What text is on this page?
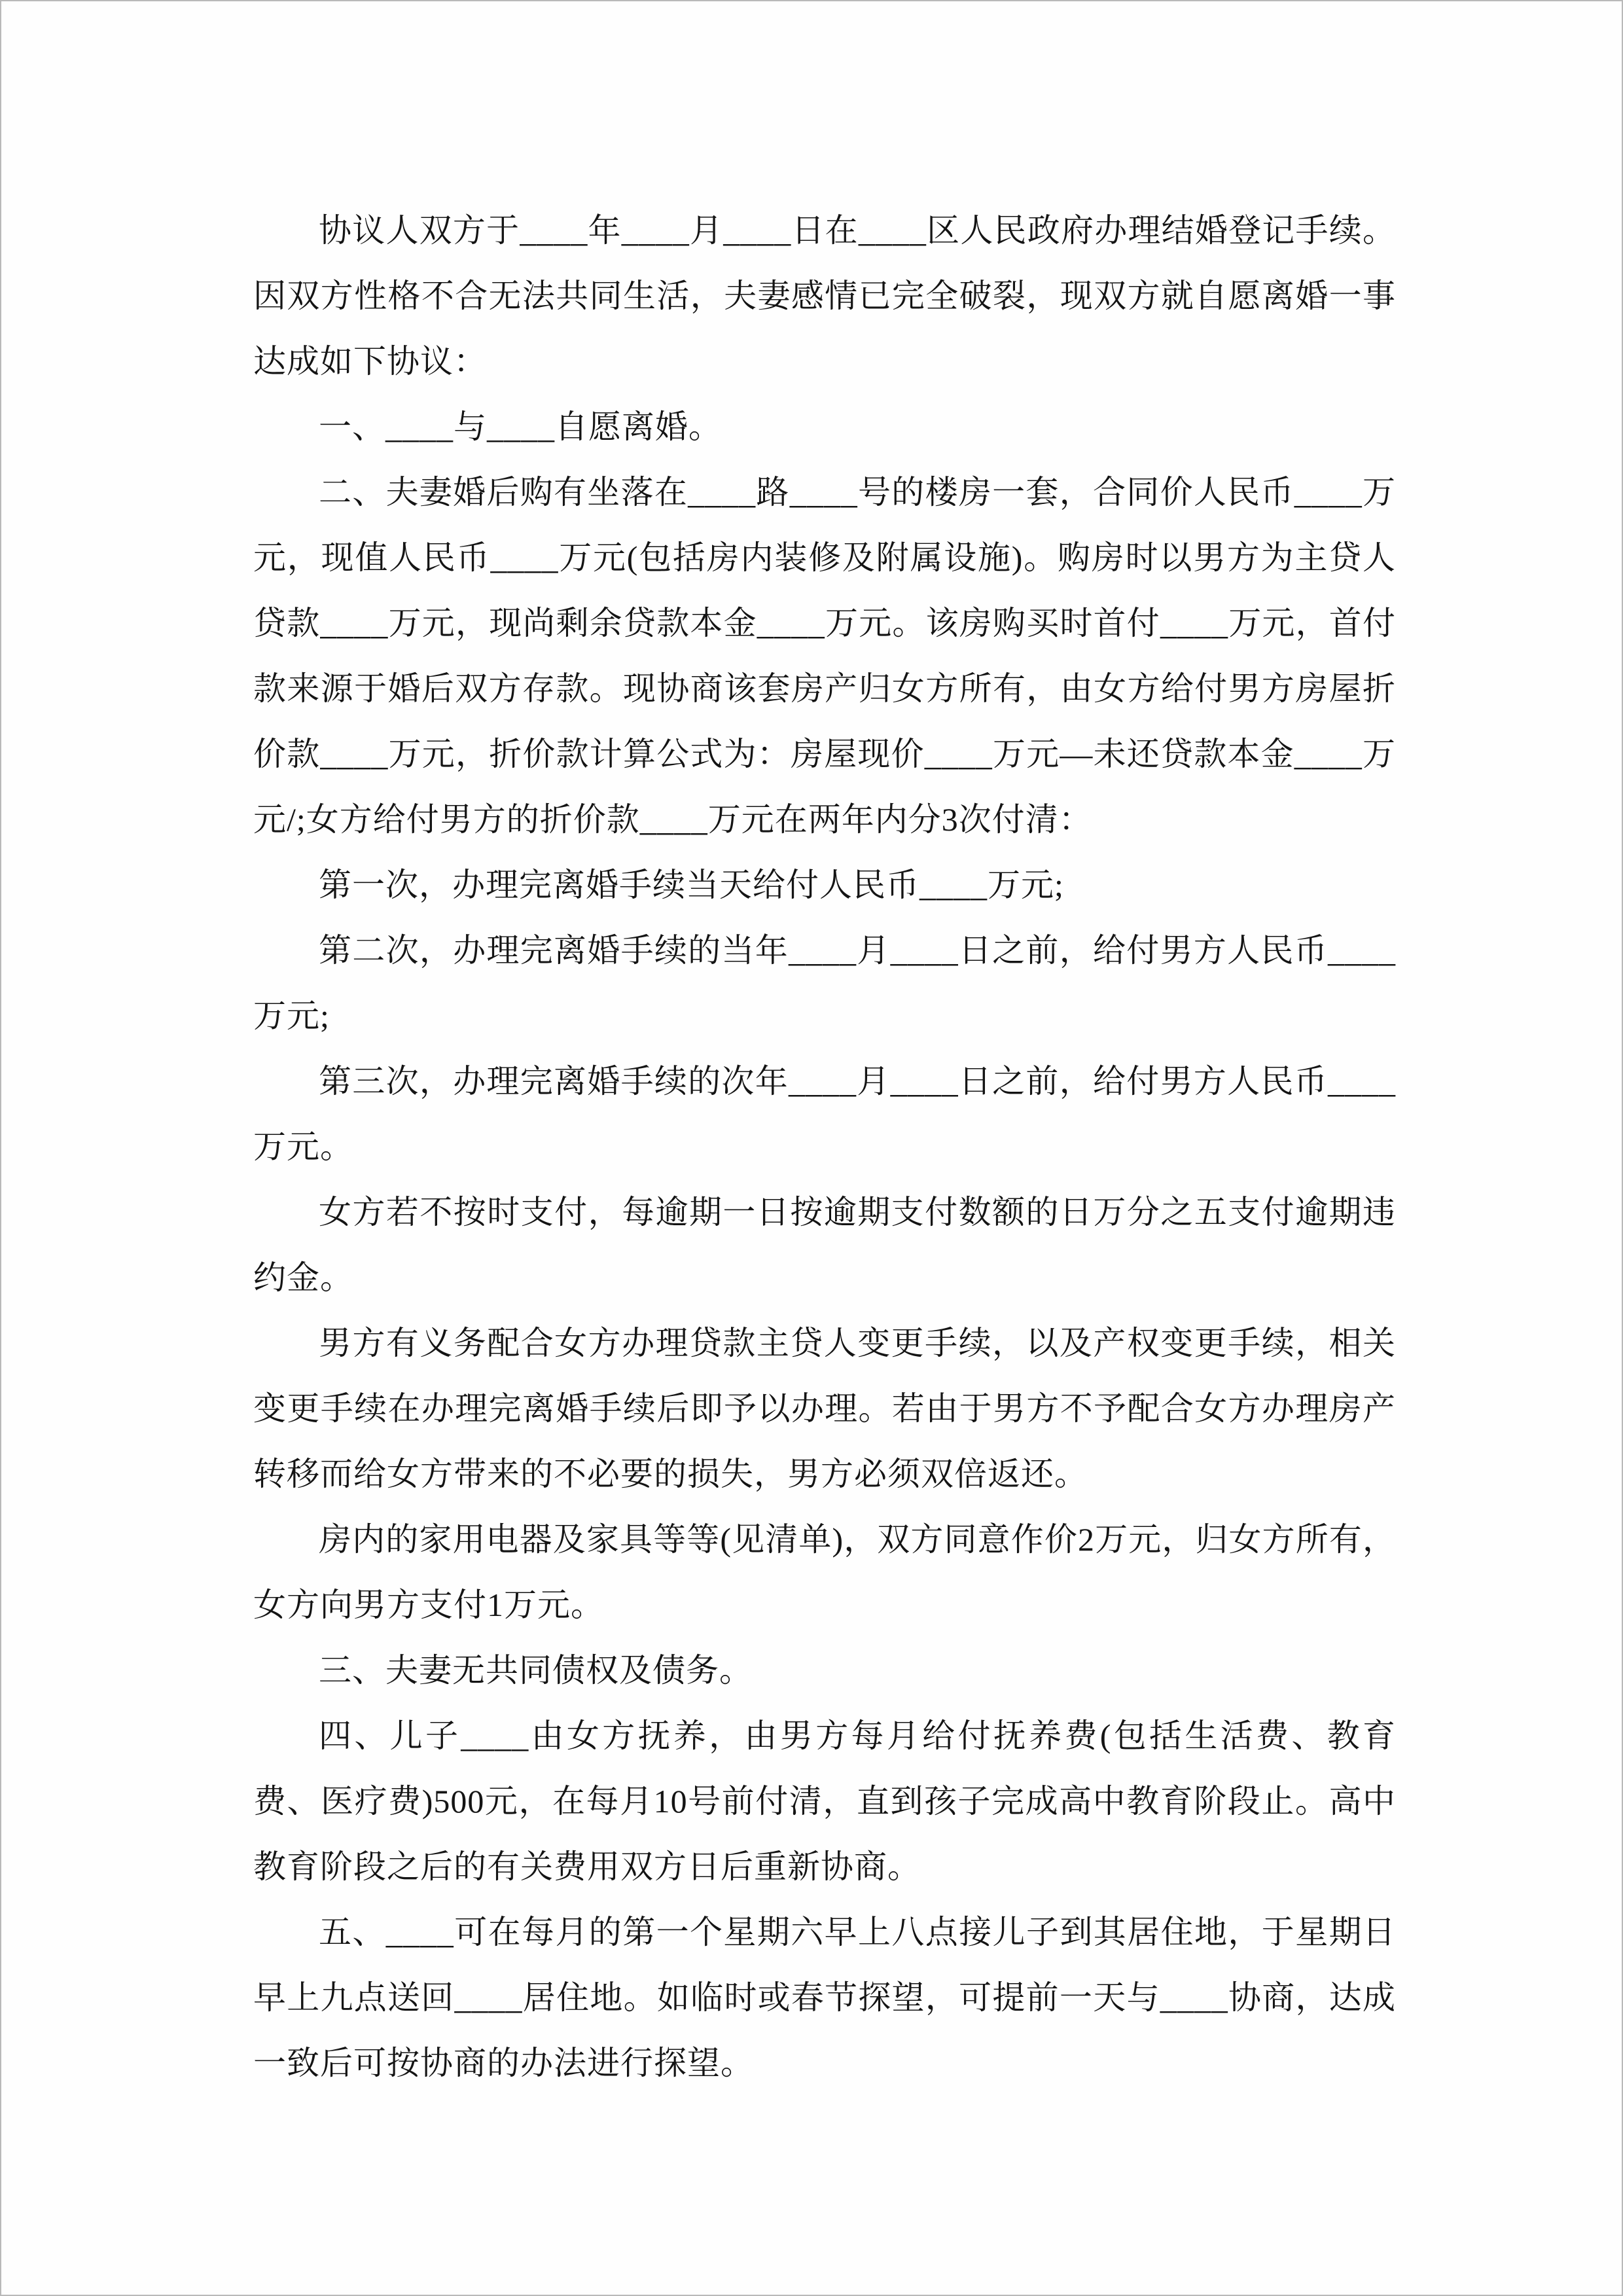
协议人双方于____年____月____日在____区人民政府办理结婚登记手续。因双方性格不合无法共同生活，夫妻感情已完全破裂，现双方就自愿离婚一事达成如下协议：

一、____与____自愿离婚。

二、夫妻婚后购有坐落在____路____号的楼房一套，合同价人民币____万元，现值人民币____万元(包括房内装修及附属设施)。购房时以男方为主贷人贷款____万元，现尚剩余贷款本金____万元。该房购买时首付____万元，首付款来源于婚后双方存款。现协商该套房产归女方所有，由女方给付男方房屋折价款____万元，折价款计算公式为：房屋现价____万元—未还贷款本金____万元/;女方给付男方的折价款____万元在两年内分3次付清：

第一次，办理完离婚手续当天给付人民币____万元;

第二次，办理完离婚手续的当年____月____日之前，给付男方人民币____万元;

第三次，办理完离婚手续的次年____月____日之前，给付男方人民币____万元。

女方若不按时支付，每逾期一日按逾期支付数额的日万分之五支付逾期违约金。

男方有义务配合女方办理贷款主贷人变更手续，以及产权变更手续，相关变更手续在办理完离婚手续后即予以办理。若由于男方不予配合女方办理房产转移而给女方带来的不必要的损失，男方必须双倍返还。

房内的家用电器及家具等等(见清单)，双方同意作价2万元，归女方所有，女方向男方支付1万元。

三、夫妻无共同债权及债务。

四、儿子____由女方抚养，由男方每月给付抚养费(包括生活费、教育费、医疗费)500元，在每月10号前付清，直到孩子完成高中教育阶段止。高中教育阶段之后的有关费用双方日后重新协商。

五、____可在每月的第一个星期六早上八点接儿子到其居住地，于星期日早上九点送回____居住地。如临时或春节探望，可提前一天与____协商，达成一致后可按协商的办法进行探望。
